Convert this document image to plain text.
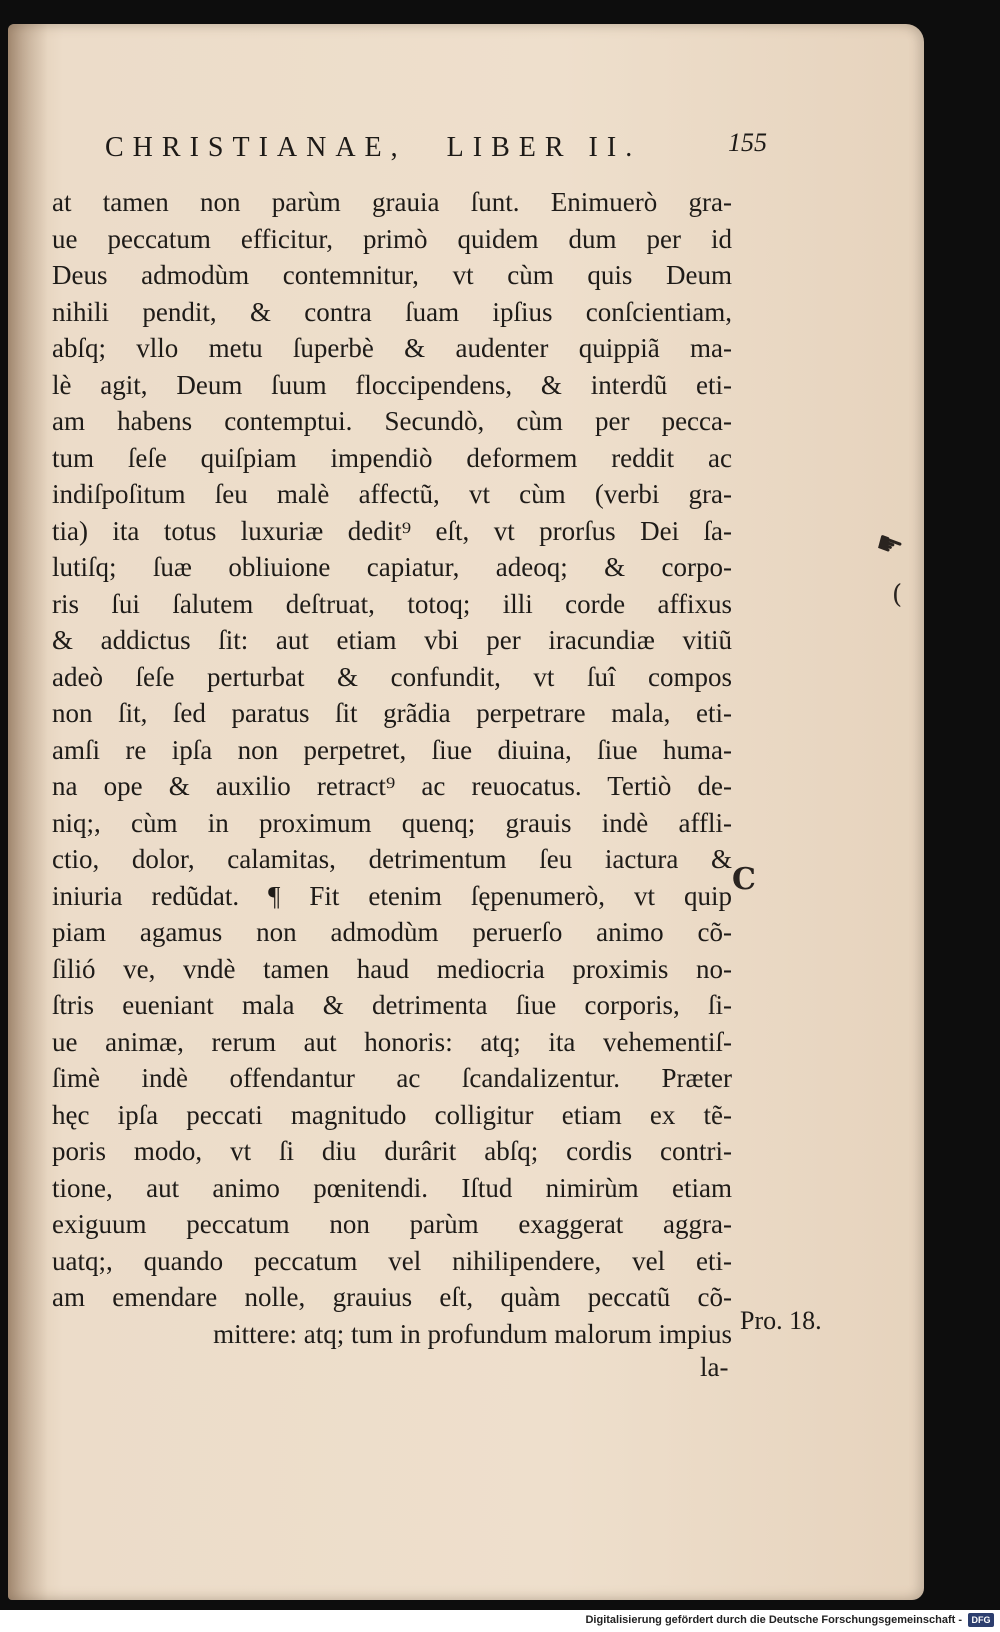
CHRISTIANAE, LIBER II.	155
at tamen non parùm grauia ſunt. Enimuerò gra-
ue peccatum efficitur, primò quidem dum per id
Deus admodùm contemnitur, vt cùm quis Deum
nihili pendit, & contra ſuam ipſius conſcientiam,
abſq; vllo metu ſuperbè & audenter quippiã ma-
lè agit, Deum ſuum floccipendens, & interdũ eti-
am habens contemptui. Secundò, cùm per pecca-
tum ſeſe quiſpiam impendiò deformem reddit ac
indiſpoſitum ſeu malè affectũ, vt cùm (verbi gra-
tia) ita totus luxuriæ dedit⁹ eſt, vt prorſus Dei ſa-
lutiſq; ſuæ obliuione capiatur, adeoq; & corpo-
ris ſui ſalutem deſtruat, totoq; illi corde affixus
& addictus ſit: aut etiam vbi per iracundiæ vitiũ
adeò ſeſe perturbat & confundit, vt ſuî compos
non ſit, ſed paratus ſit grãdia perpetrare mala, eti-
amſi re ipſa non perpetret, ſiue diuina, ſiue huma-
na ope & auxilio retract⁹ ac reuocatus. Tertiò de-
niq;, cùm in proximum quenq; grauis indè affli-
ctio, dolor, calamitas, detrimentum ſeu iactura &
iniuria redũdat. ¶ Fit etenim ſępenumerò, vt quip
piam agamus non admodùm peruerſo animo cõ-
ſilió ve, vndè tamen haud mediocria proximis no-
ſtris eueniant mala & detrimenta ſiue corporis, ſi-
ue animæ, rerum aut honoris: atq; ita vehementiſ-
ſimè indè offendantur ac ſcandalizentur. Præter
hęc ipſa peccati magnitudo colligitur etiam ex tẽ-
poris modo, vt ſi diu durârit abſq; cordis contri-
tione, aut animo pœnitendi. Iſtud nimirùm etiam
exiguum peccatum non parùm exaggerat aggra-
uatq;, quando peccatum vel nihilipendere, vel eti-
am emendare nolle, grauius eſt, quàm peccatũ cõ-
mittere: atq; tum in profundum malorum impius
la-
Pro. 18.
☛
(
C
Digitalisierung gefördert durch die Deutsche Forschungsgemeinschaft -	DFG
